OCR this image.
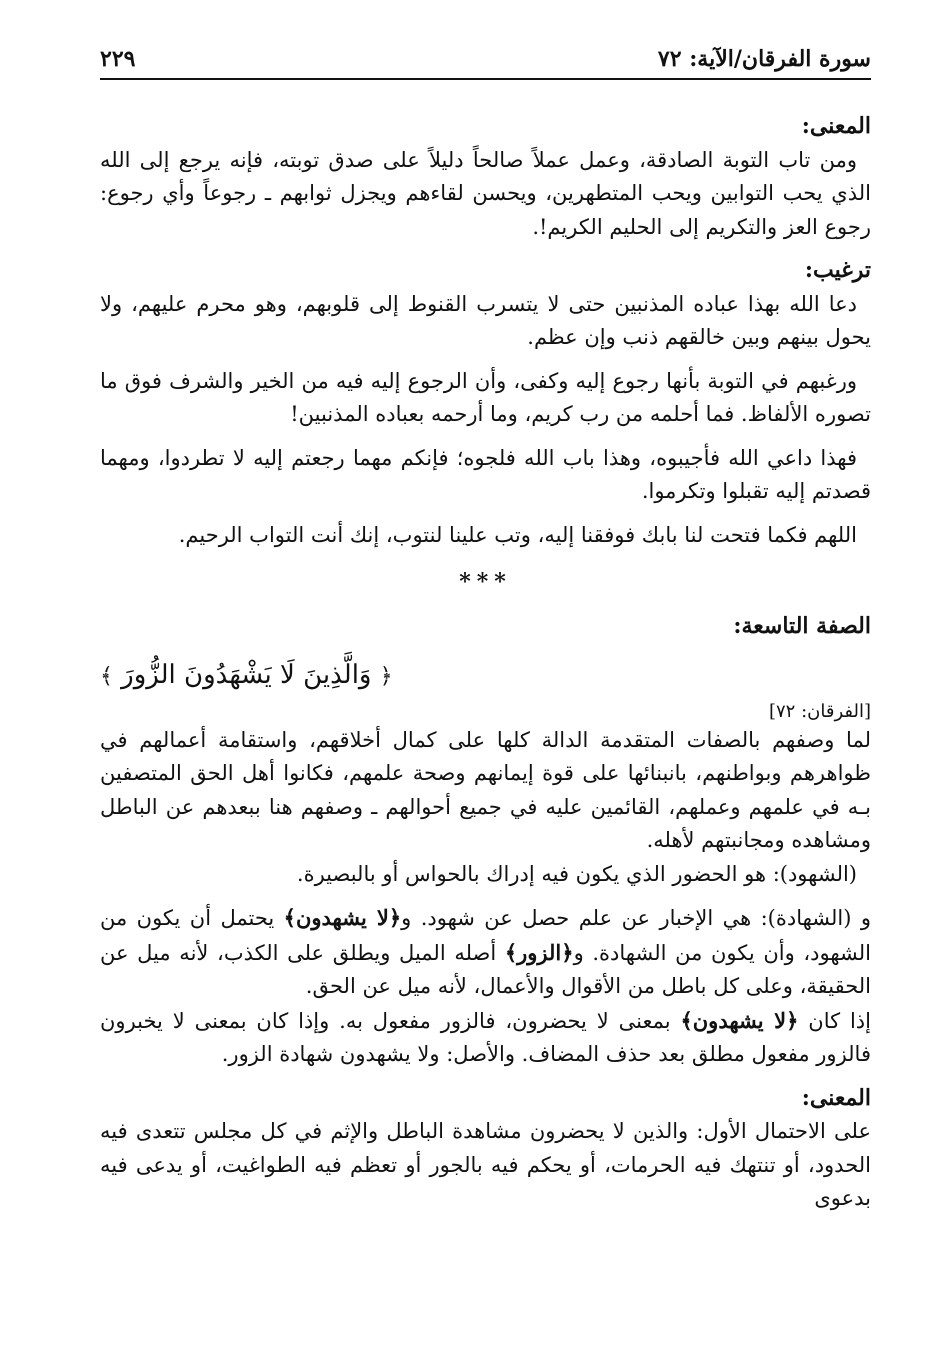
سورة الفرقان/الآية: ٧٢
٢٢٩

المعنى:

ومن تاب التوبة الصادقة، وعمل عملاً صالحاً دليلاً على صدق توبته، فإنه يرجع إلى الله الذي يحب التوابين ويحب المتطهرين، ويحسن لقاءهم ويجزل ثوابهم ـ رجوعاً وأي رجوع: رجوع العز والتكريم إلى الحليم الكريم!.

ترغيب:

دعا الله بهذا عباده المذنبين حتى لا يتسرب القنوط إلى قلوبهم، وهو محرم عليهم، ولا يحول بينهم وبين خالقهم ذنب وإن عظم.

ورغبهم في التوبة بأنها رجوع إليه وكفى، وأن الرجوع إليه فيه من الخير والشرف فوق ما تصوره الألفاظ. فما أحلمه من رب كريم، وما أرحمه بعباده المذنبين!

فهذا داعي الله فأجيبوه، وهذا باب الله فلجوه؛ فإنكم مهما رجعتم إليه لا تطردوا، ومهما قصدتم إليه تقبلوا وتكرموا.

اللهم فكما فتحت لنا بابك فوفقنا إليه، وتب علينا لنتوب، إنك أنت التواب الرحيم.

***

الصفة التاسعة:

﴿ وَالَّذِينَ لَا يَشْهَدُونَ الزُّورَ ﴾

[الفرقان: ٧٢]

لما وصفهم بالصفات المتقدمة الدالة كلها على كمال أخلاقهم، واستقامة أعمالهم في ظواهرهم وبواطنهم، بانبنائها على قوة إيمانهم وصحة علمهم، فكانوا أهل الحق المتصفين بـه في علمهم وعملهم، القائمين عليه في جميع أحوالهم ـ وصفهم هنا ببعدهم عن الباطل ومشاهده ومجانبتهم لأهله.

(الشهود): هو الحضور الذي يكون فيه إدراك بالحواس أو بالبصيرة.

و (الشهادة): هي الإخبار عن علم حصل عن شهود. و﴿لا يشهدون﴾ يحتمل أن يكون من الشهود، وأن يكون من الشهادة. و﴿الزور﴾ أصله الميل ويطلق على الكذب، لأنه ميل عن الحقيقة، وعلى كل باطل من الأقوال والأعمال، لأنه ميل عن الحق.

إذا كان ﴿لا يشهدون﴾ بمعنى لا يحضرون، فالزور مفعول به. وإذا كان بمعنى لا يخبرون فالزور مفعول مطلق بعد حذف المضاف. والأصل: ولا يشهدون شهادة الزور.

المعنى:

على الاحتمال الأول: والذين لا يحضرون مشاهدة الباطل والإثم في كل مجلس تتعدى فيه الحدود، أو تنتهك فيه الحرمات، أو يحكم فيه بالجور أو تعظم فيه الطواغيت، أو يدعى فيه بدعوى
